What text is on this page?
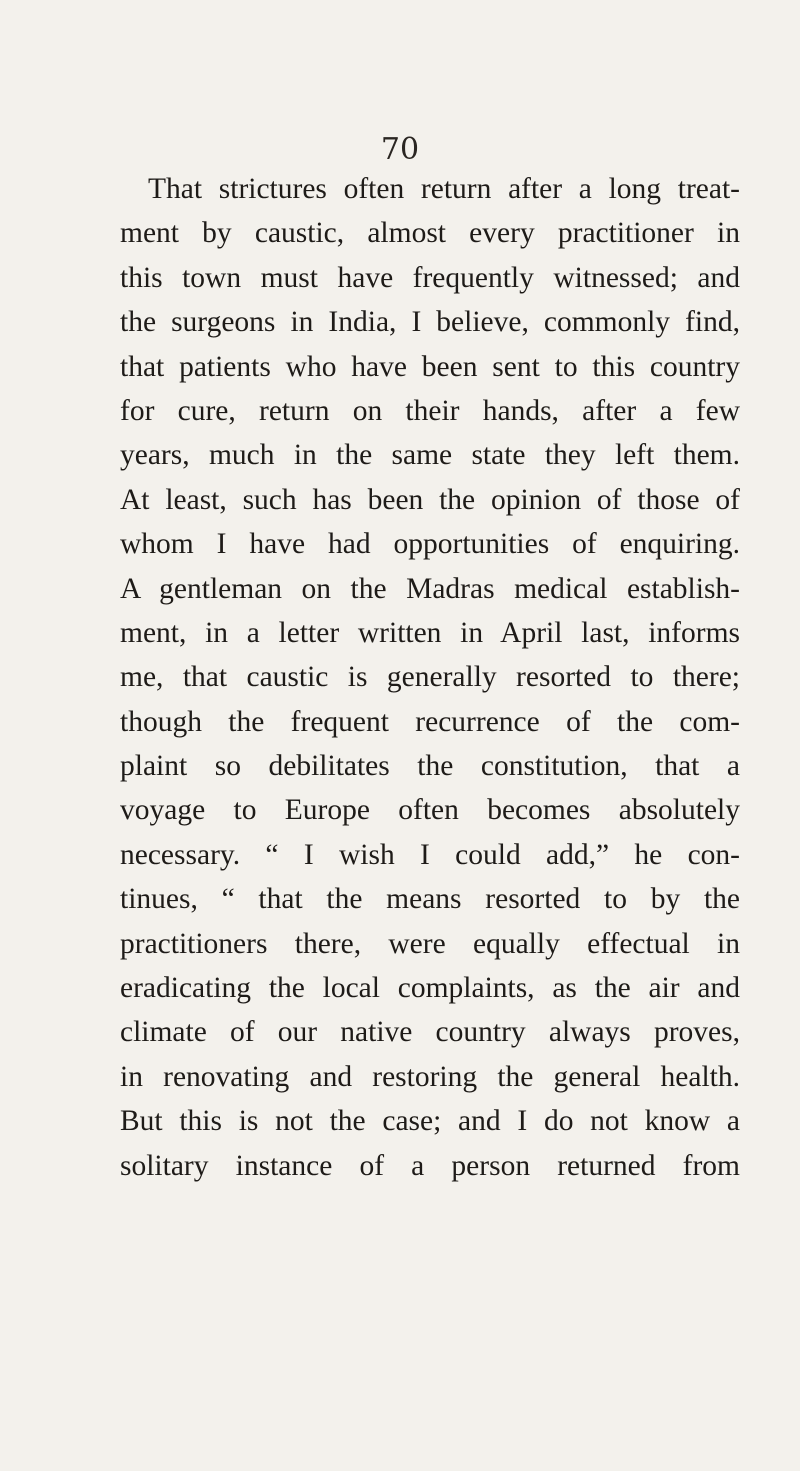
70
That strictures often return after a long treat-
ment by caustic, almost every practitioner in
this town must have frequently witnessed; and
the surgeons in India, I believe, commonly find,
that patients who have been sent to this country
for cure, return on their hands, after a few
years, much in the same state they left them.
At least, such has been the opinion of those of
whom I have had opportunities of enquiring.
A gentleman on the Madras medical establish-
ment, in a letter written in April last, informs
me, that caustic is generally resorted to there;
though the frequent recurrence of the com-
plaint so debilitates the constitution, that a
voyage to Europe often becomes absolutely
necessary. “ I wish I could add,” he con-
tinues, “ that the means resorted to by the
practitioners there, were equally effectual in
eradicating the local complaints, as the air and
climate of our native country always proves,
in renovating and restoring the general health.
But this is not the case; and I do not know a
solitary instance of a person returned from
